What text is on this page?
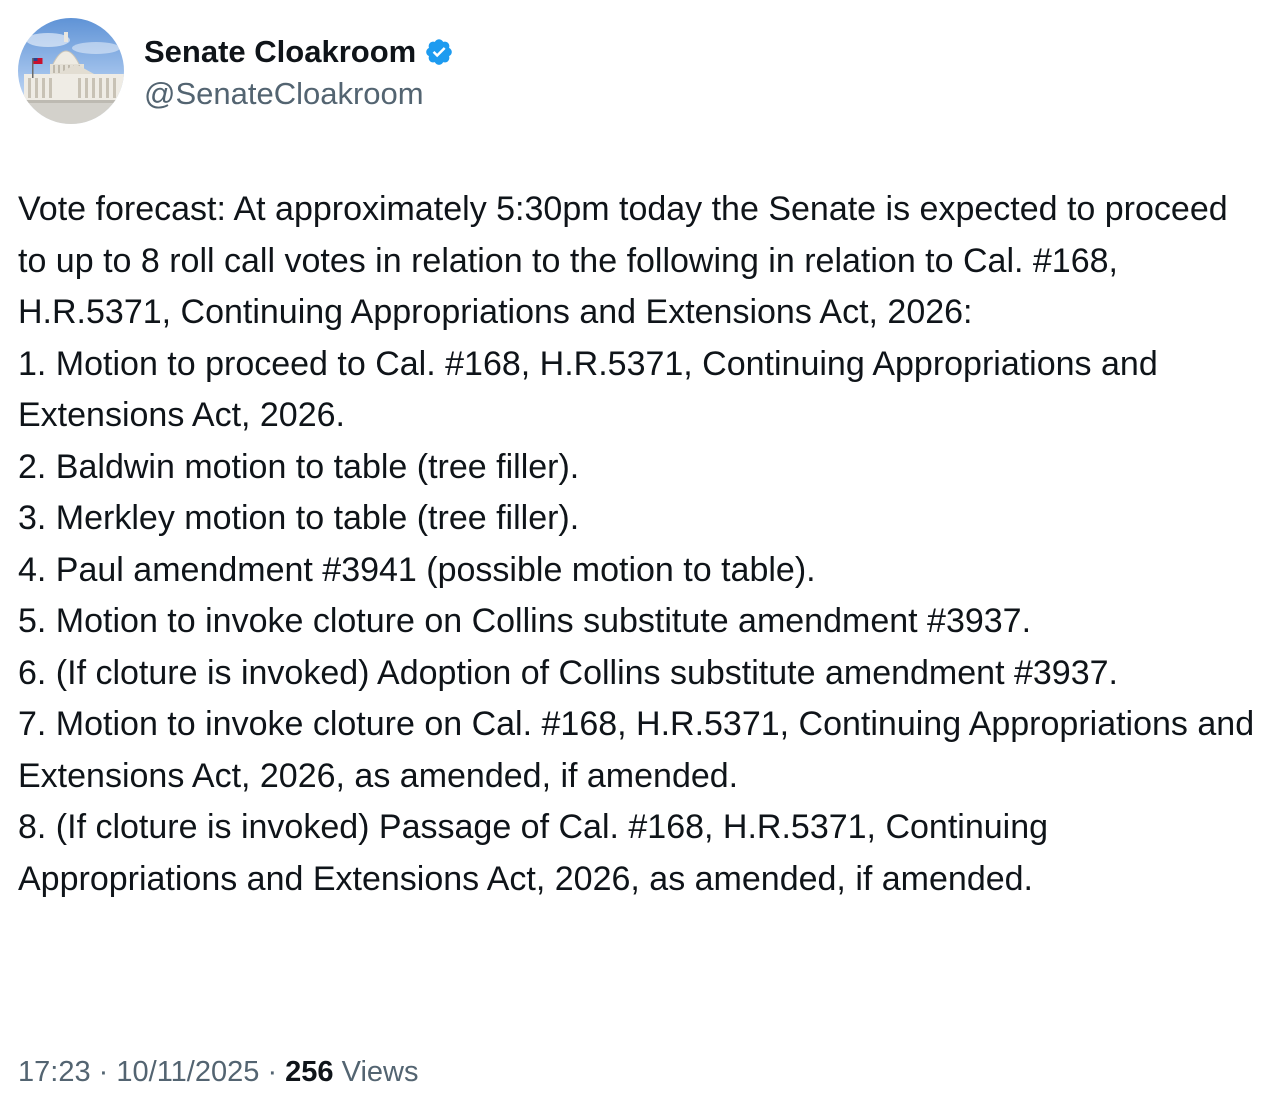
Senate Cloakroom
@SenateCloakroom

Vote forecast: At approximately 5:30pm today the Senate is expected to proceed to up to 8 roll call votes in relation to the following in relation to Cal. #168, H.R.5371, Continuing Appropriations and Extensions Act, 2026:

1. Motion to proceed to Cal. #168, H.R.5371, Continuing Appropriations and Extensions Act, 2026.

2. Baldwin motion to table (tree filler).

3. Merkley motion to table (tree filler).

4. Paul amendment #3941 (possible motion to table).

5. Motion to invoke cloture on Collins substitute amendment #3937.

6. (If cloture is invoked) Adoption of Collins substitute amendment #3937.

7. Motion to invoke cloture on Cal. #168, H.R.5371, Continuing Appropriations and Extensions Act, 2026, as amended, if amended.

8. (If cloture is invoked) Passage of Cal. #168, H.R.5371, Continuing Appropriations and Extensions Act, 2026, as amended, if amended.

17:23 · 10/11/2025 · 256 Views
